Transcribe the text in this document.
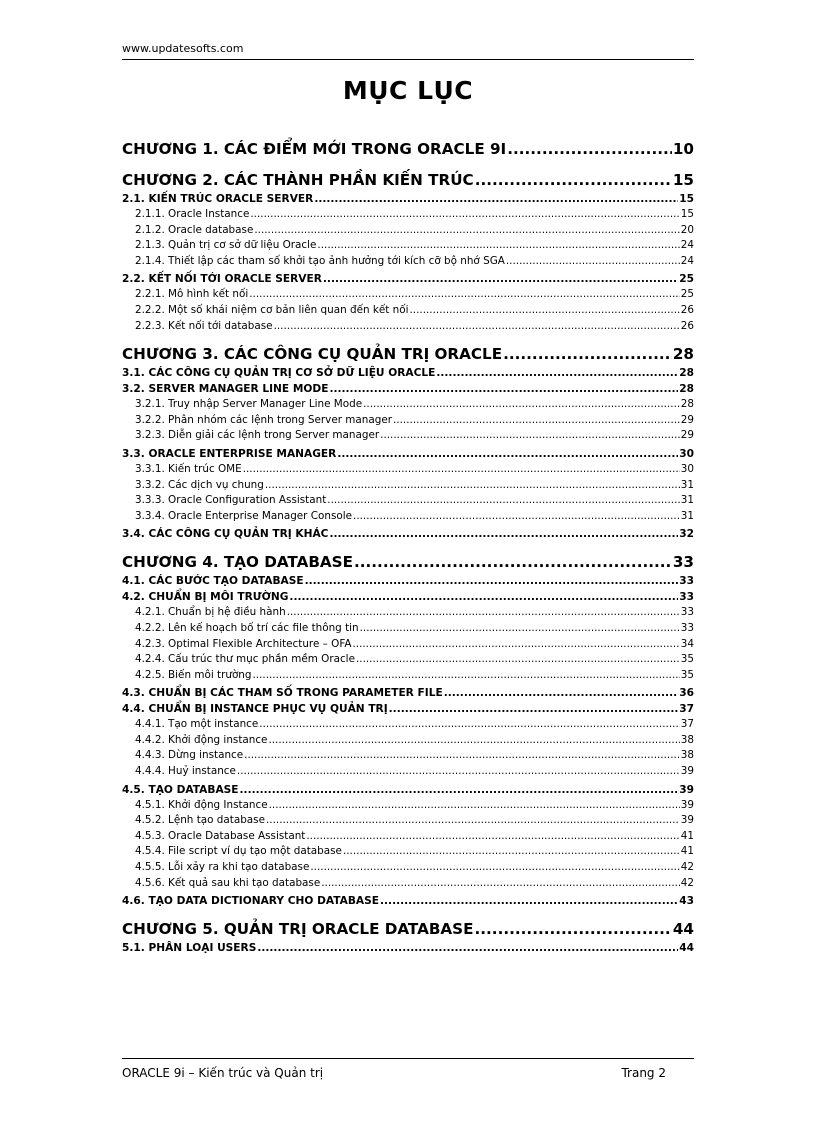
www.updatesofts.com
MỤC LỤC
CHƯƠNG 1. CÁC ĐIỂM MỚI TRONG ORACLE 9I .....	10
CHƯƠNG 2. CÁC THÀNH PHẦN KIẾN TRÚC .....	15
2.1. KIẾN TRÚC ORACLE SERVER .....	15
2.1.1. Oracle Instance .....	15
2.1.2. Oracle database .....	20
2.1.3. Quản trị cơ sở dữ liệu Oracle .....	24
2.1.4. Thiết lập các tham số khởi tạo ảnh hưởng tới kích cỡ bộ nhớ SGA .....	24
2.2. KẾT NỐI TỚI ORACLE SERVER .....	25
2.2.1. Mô hình kết nối .....	25
2.2.2. Một số khái niệm cơ bản liên quan đến kết nối .....	26
2.2.3. Kết nối tới database .....	26
CHƯƠNG 3. CÁC CÔNG CỤ QUẢN TRỊ ORACLE .....	28
3.1. CÁC CÔNG CỤ QUẢN TRỊ CƠ SỞ DỮ LIỆU ORACLE .....	28
3.2. SERVER MANAGER LINE MODE .....	28
3.2.1. Truy nhập Server Manager Line Mode .....	28
3.2.2. Phân nhóm các lệnh trong Server manager .....	29
3.2.3. Diễn giải các lệnh trong Server manager .....	29
3.3. ORACLE ENTERPRISE MANAGER .....	30
3.3.1. Kiến trúc OME .....	30
3.3.2. Các dịch vụ chung .....	31
3.3.3. Oracle Configuration Assistant .....	31
3.3.4. Oracle Enterprise Manager Console .....	31
3.4. CÁC CÔNG CỤ QUẢN TRỊ KHÁC .....	32
CHƯƠNG 4. TẠO DATABASE .....	33
4.1. CÁC BƯỚC TẠO DATABASE .....	33
4.2. CHUẨN BỊ MÔI TRƯỜNG .....	33
4.2.1. Chuẩn bị hệ điều hành .....	33
4.2.2. Lên kế hoạch bố trí các file thông tin .....	33
4.2.3. Optimal Flexible Architecture – OFA .....	34
4.2.4. Cấu trúc thư mục phần mềm Oracle .....	35
4.2.5. Biến môi trường .....	35
4.3. CHUẨN BỊ CÁC THAM SỐ TRONG PARAMETER FILE .....	36
4.4. CHUẨN BỊ INSTANCE PHỤC VỤ QUẢN TRỊ .....	37
4.4.1. Tạo một instance .....	37
4.4.2. Khởi động instance .....	38
4.4.3. Dừng instance .....	38
4.4.4. Huỷ instance .....	39
4.5. TẠO DATABASE .....	39
4.5.1. Khởi động Instance .....	39
4.5.2. Lệnh tạo database .....	39
4.5.3. Oracle Database Assistant .....	41
4.5.4. File script ví dụ tạo một database .....	41
4.5.5. Lỗi xảy ra khi tạo database .....	42
4.5.6. Kết quả sau khi tạo database .....	42
4.6. TẠO DATA DICTIONARY CHO DATABASE .....	43
CHƯƠNG 5. QUẢN TRỊ ORACLE DATABASE .....	44
5.1. PHÂN LOẠI USERS .....	44
ORACLE 9i – Kiến trúc và Quản trị	Trang 2
